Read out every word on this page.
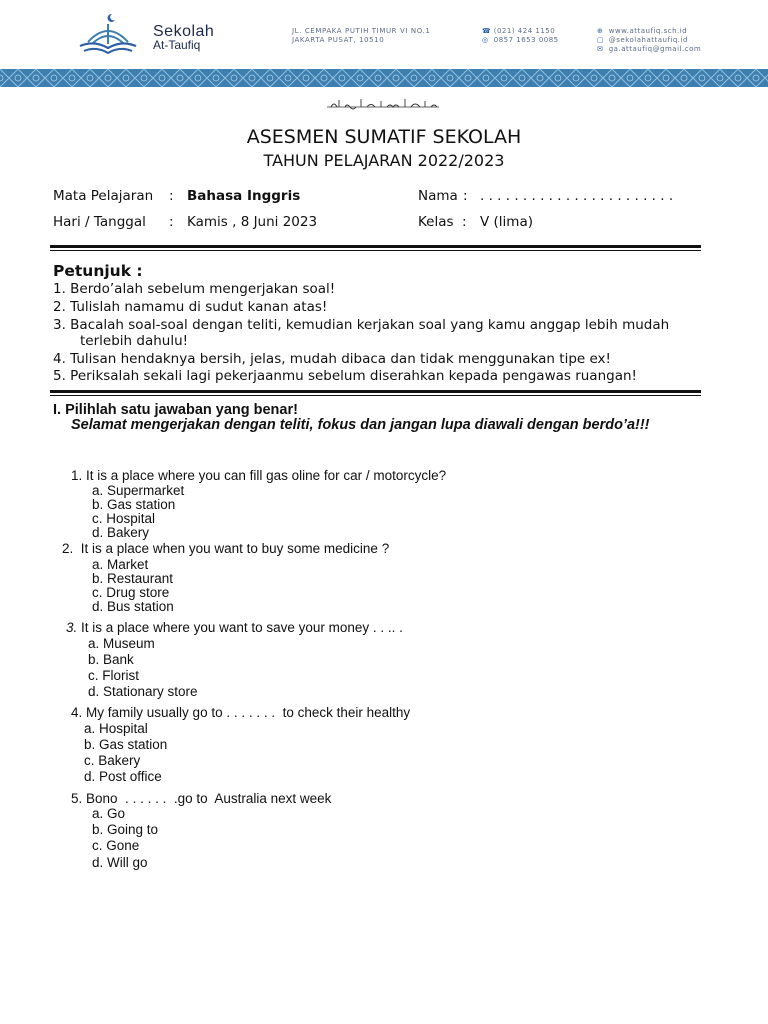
Sekolah
At-Taufiq
JL. CEMPAKA PUTIH TIMUR VI NO.1
JAKARTA PUSAT, 10510
☎ (021) 424 1150
◎ 0857 1653 0085
⊕ www.attaufiq.sch.id
▢ @sekolahattaufiq.id
✉ ga.attaufiq@gmail.com
ASESMEN SUMATIF SEKOLAH
TAHUN PELAJARAN 2022/2023
Mata Pelajaran : Bahasa Inggris	Nama : . . . . . . . . . . . . . . . . . . . . . . .
Hari / Tanggal : Kamis , 8 Juni 2023	Kelas : V (lima)
Petunjuk :
1. Berdo’alah sebelum mengerjakan soal!
2. Tulislah namamu di sudut kanan atas!
3. Bacalah soal-soal dengan teliti, kemudian kerjakan soal yang kamu anggap lebih mudah
terlebih dahulu!
4. Tulisan hendaknya bersih, jelas, mudah dibaca dan tidak menggunakan tipe ex!
5. Periksalah sekali lagi pekerjaanmu sebelum diserahkan kepada pengawas ruangan!
I. Pilihlah satu jawaban yang benar!
Selamat mengerjakan dengan teliti, fokus dan jangan lupa diawali dengan berdo’a!!!
1. It is a place where you can fill gas oline for car / motorcycle?
a. Supermarket
b. Gas station
c. Hospital
d. Bakery
2. It is a place when you want to buy some medicine ?
a. Market
b. Restaurant
c. Drug store
d. Bus station
3. It is a place where you want to save your money . . .. .
a. Museum
b. Bank
c. Florist
d. Stationary store
4. My family usually go to . . . . . . .  to check their healthy
a. Hospital
b. Gas station
c. Bakery
d. Post office
5. Bono  . . . . . .  .go to  Australia next week
a. Go
b. Going to
c. Gone
d. Will go
